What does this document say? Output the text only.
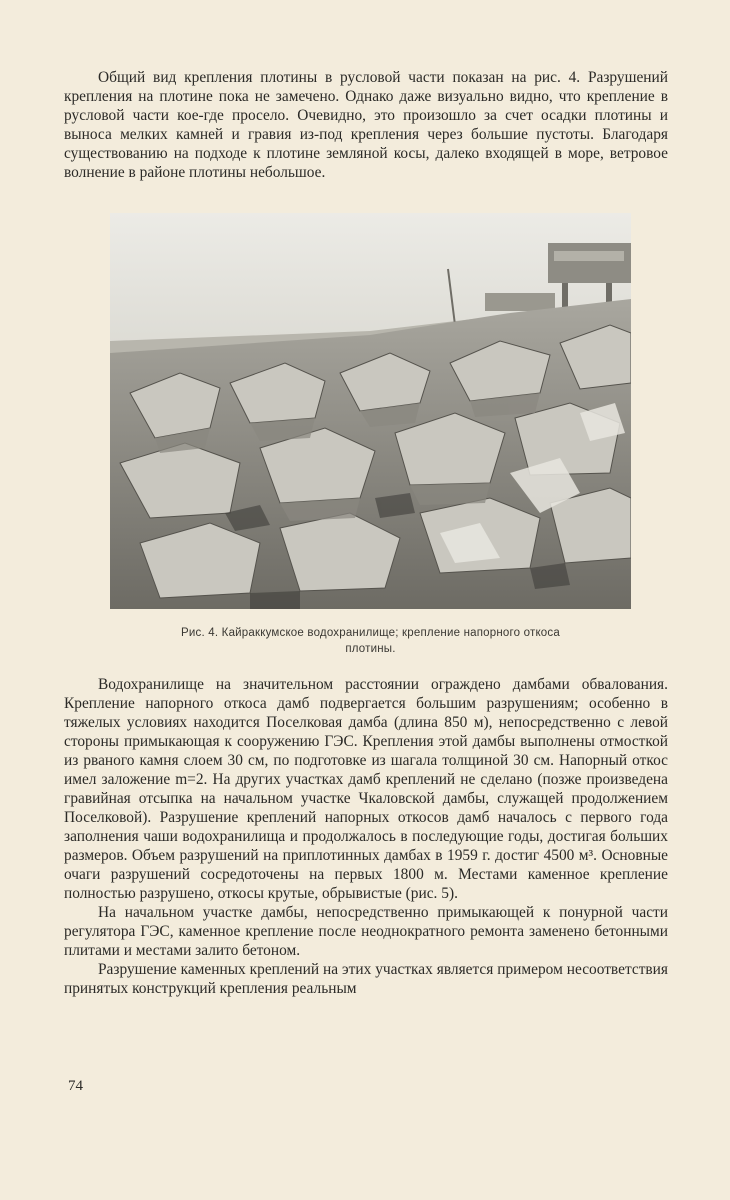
Общий вид крепления плотины в русловой части показан на рис. 4. Разрушений крепления на плотине пока не замечено. Однако даже визуально видно, что крепление в русловой части кое-где просело. Очевидно, это произошло за счет осадки плотины и выноса мелких камней и гравия из-под крепления через большие пустоты. Благодаря существованию на подходе к плотине земляной косы, далеко входящей в море, ветровое волнение в районе плотины небольшое.

Рис. 4. Кайраккумское водохранилище; крепление напорного откоса
плотины.

Водохранилище на значительном расстоянии ограждено дамбами обвалования. Крепление напорного откоса дамб подвергается большим разрушениям; особенно в тяжелых условиях находится Поселковая дамба (длина 850 м), непосредственно с левой стороны примыкающая к сооружению ГЭС. Крепления этой дамбы выполнены отмосткой из рваного камня слоем 30 см, по подготовке из шагала толщиной 30 см. Напорный откос имел заложение m=2. На других участках дамб креплений не сделано (позже произведена гравийная отсыпка на начальном участке Чкаловской дамбы, служащей продолжением Поселковой). Разрушение креплений напорных откосов дамб началось с первого года заполнения чаши водохранилища и продолжалось в последующие годы, достигая больших размеров. Объем разрушений на приплотинных дамбах в 1959 г. достиг 4500 м³. Основные очаги разрушений сосредоточены на первых 1800 м. Местами каменное крепление полностью разрушено, откосы крутые, обрывистые (рис. 5).

На начальном участке дамбы, непосредственно примыкающей к понурной части регулятора ГЭС, каменное крепление после неоднократного ремонта заменено бетонными плитами и местами залито бетоном.

Разрушение каменных креплений на этих участках является примером несоответствия принятых конструкций крепления реальным

74
